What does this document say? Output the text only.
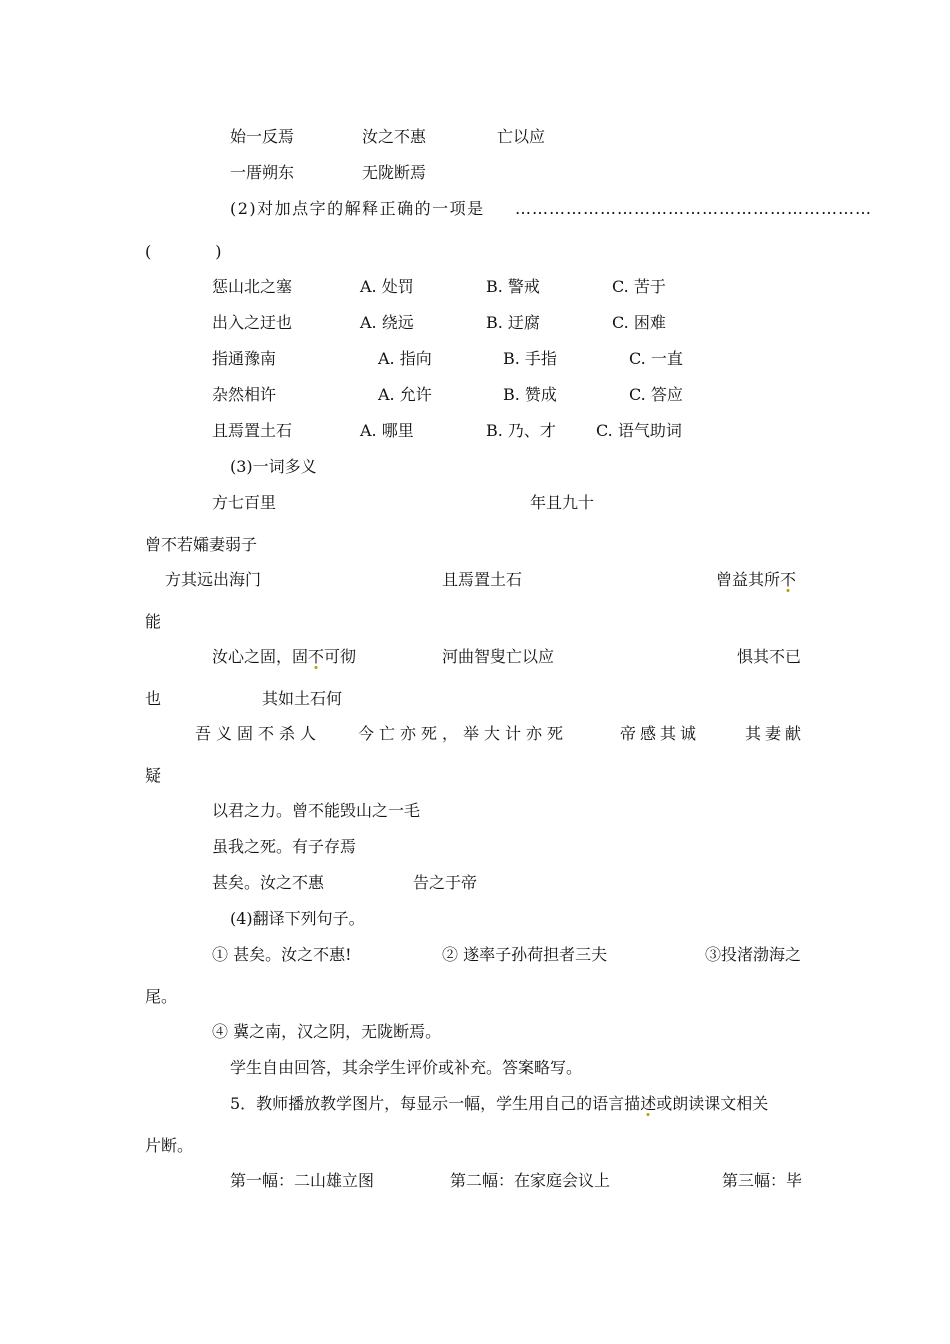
始一反焉	汝之不惠	亡以应
一厝朔东	无陇断焉
(2)对加点字的解释正确的一项是 ………………………………………………………
(　　　　)
惩山北之塞	A. 处罚	B. 警戒	C. 苦于
出入之迂也	A. 绕远	B. 迂腐	C. 困难
指通豫南	A. 指向	B. 手指	C. 一直
杂然相许	A. 允许	B. 赞成	C. 答应
且焉置土石	A. 哪里	B. 乃、才	C. 语气助词
(3)一词多义
方七百里	年且九十
曾不若孀妻弱子
方其远出海门	且焉置土石	曾益其所不
能
汝心之固，固不可彻	河曲智叟亡以应	惧其不已
也	其如土石何
吾义固不杀人 今亡亦死，举大计亦死	帝感其诚	其妻献
疑
以君之力。曾不能毁山之一毛
虽我之死。有子存焉
甚矣。汝之不惠	告之于帝
(4)翻译下列句子。
① 甚矣。汝之不惠!	② 遂率子孙荷担者三夫	③投渚渤海之
尾。
④ 冀之南，汉之阴，无陇断焉。
学生自由回答，其余学生评价或补充。答案略写。
5．教师播放教学图片，每显示一幅，学生用自己的语言描述或朗读课文相关
片断。
第一幅：二山雄立图	第二幅：在家庭会议上	第三幅：毕
